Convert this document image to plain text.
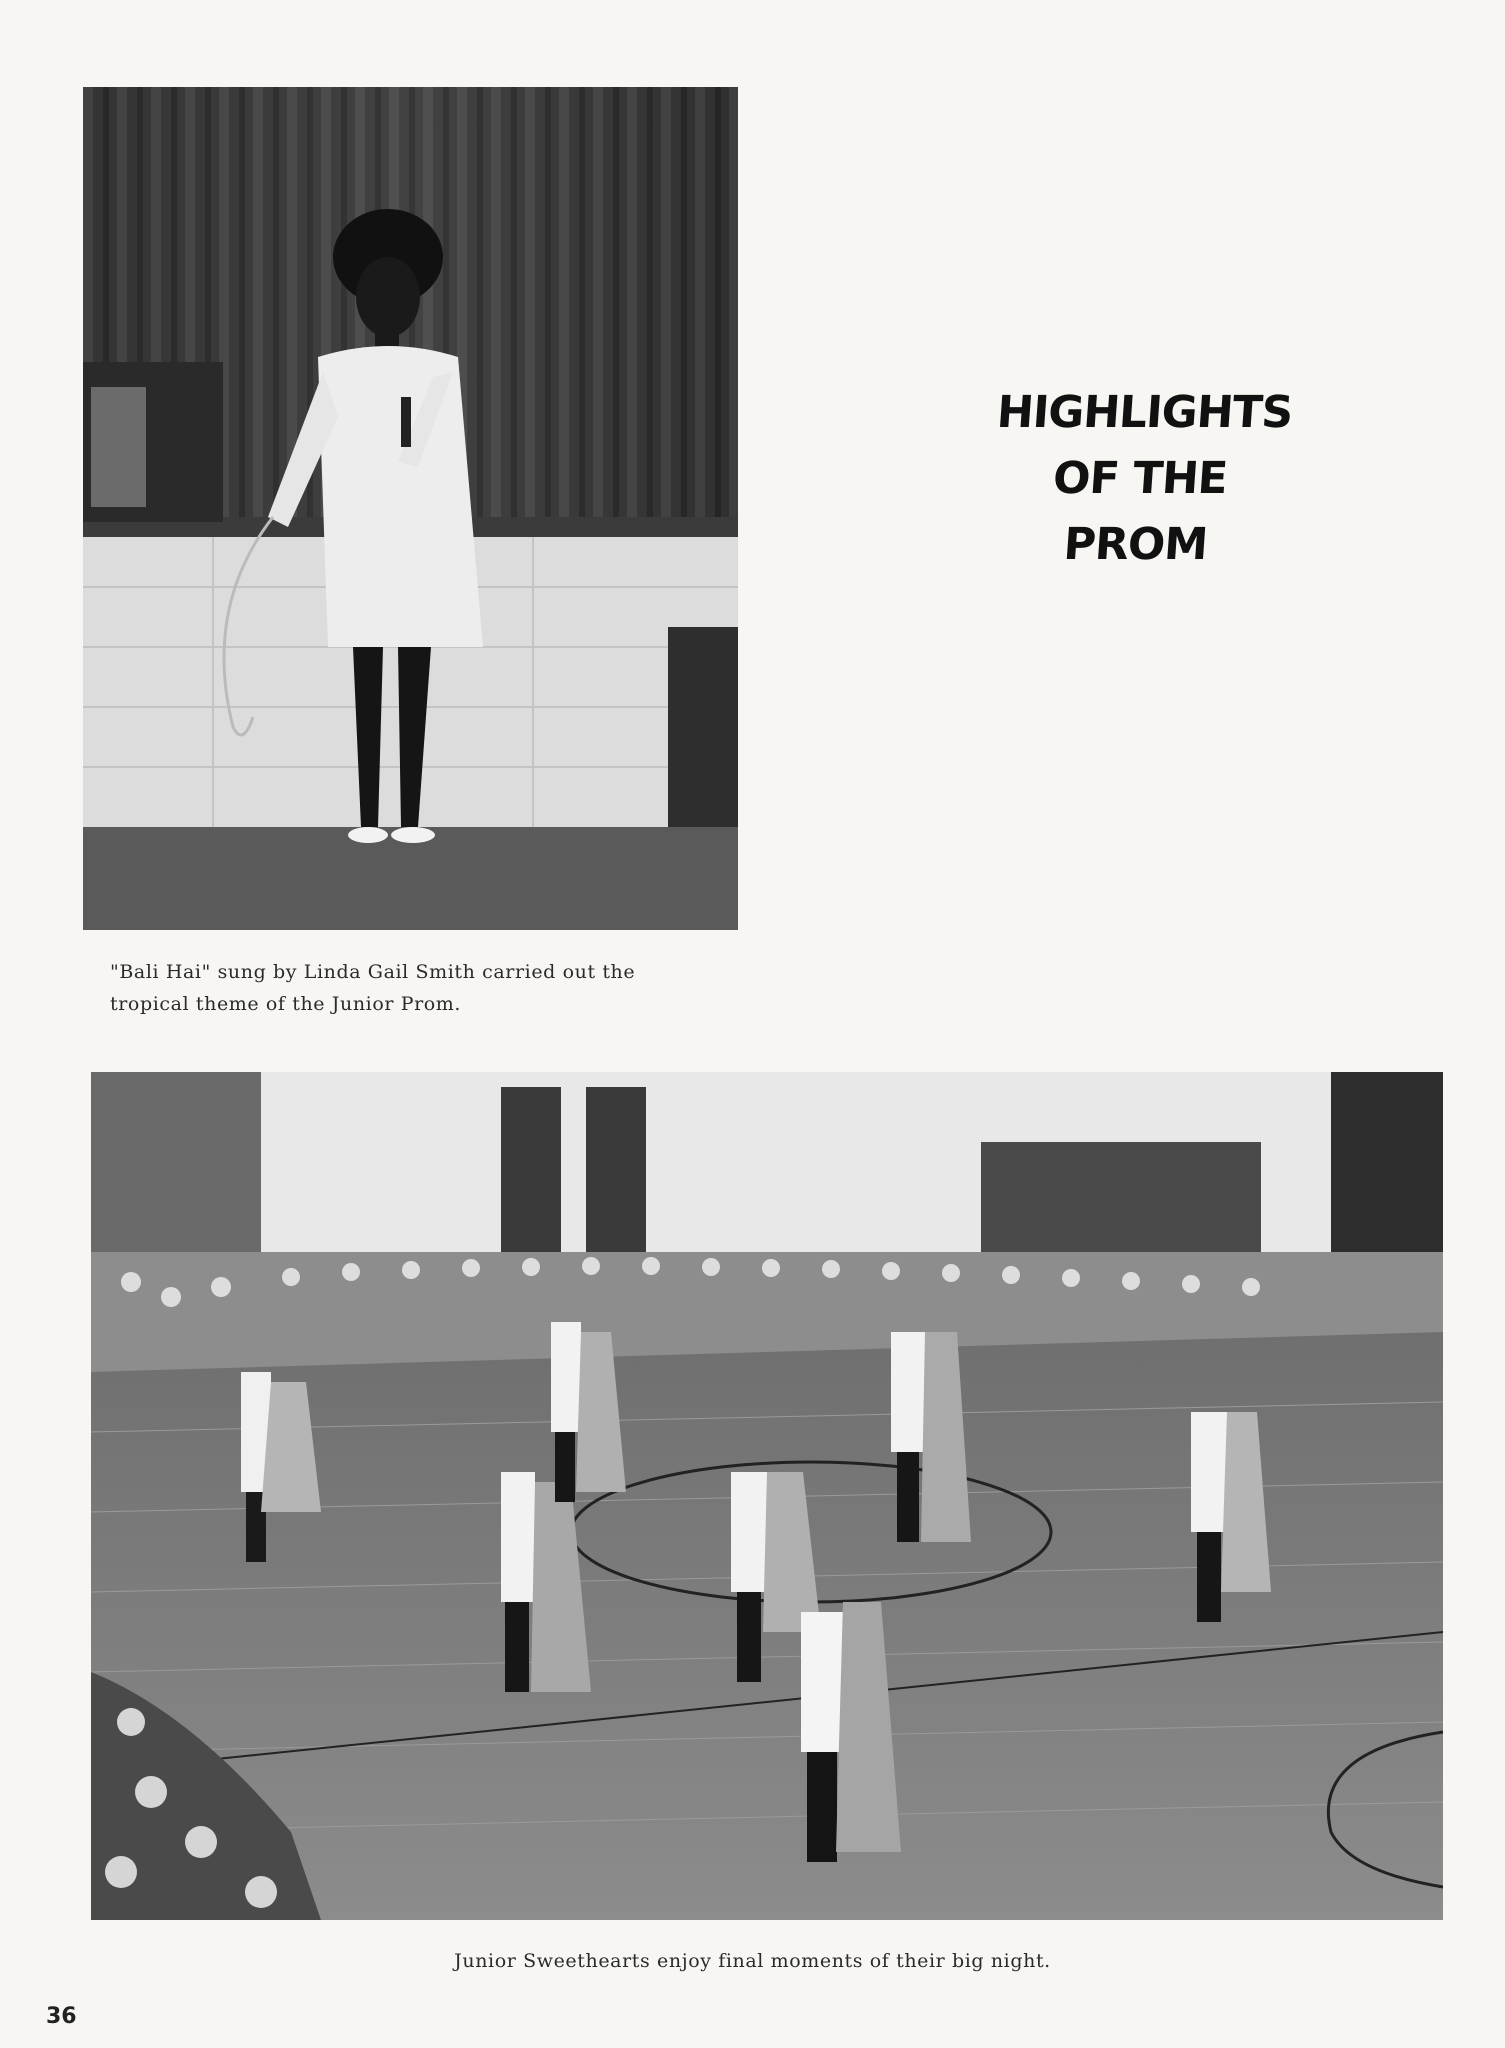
HIGHLIGHTS
OF THE
PROM
"Bali Hai" sung by Linda Gail Smith carried out the
tropical theme of the Junior Prom.
Junior Sweethearts enjoy final moments of their big night.
36
